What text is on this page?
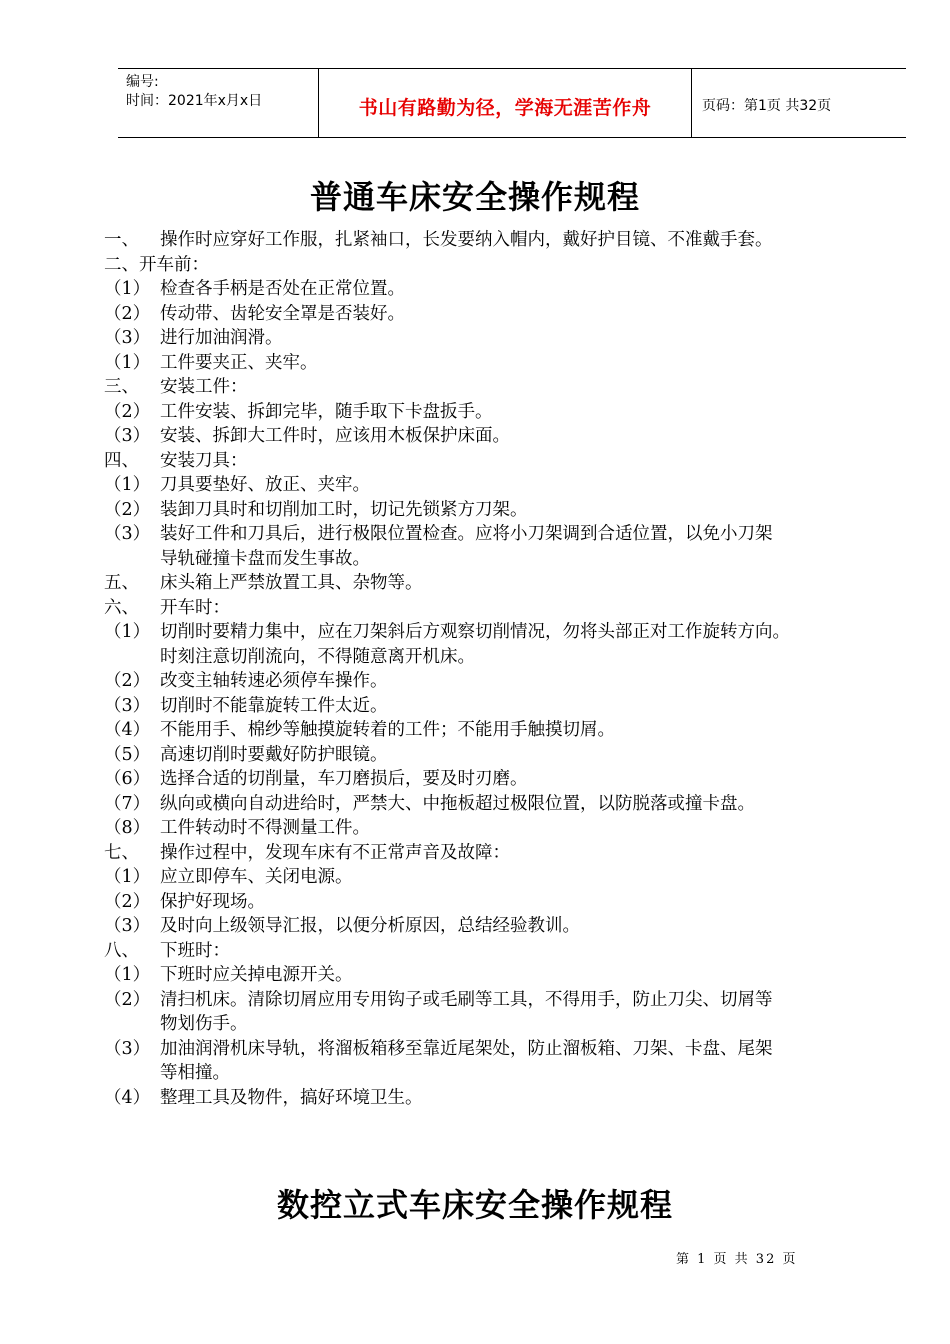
编号:
时间：2021年x月x日	书山有路勤为径，学海无涯苦作舟	页码：第1页 共32页
普通车床安全操作规程
一、 操作时应穿好工作服，扎紧袖口，长发要纳入帽内，戴好护目镜、不准戴手套。
二、开车前：
（1） 检查各手柄是否处在正常位置。
（2） 传动带、齿轮安全罩是否装好。
（3） 进行加油润滑。
（1） 工件要夹正、夹牢。
三、 安装工件：
（2） 工件安装、拆卸完毕，随手取下卡盘扳手。
（3） 安装、拆卸大工件时，应该用木板保护床面。
四、 安装刀具：
（1） 刀具要垫好、放正、夹牢。
（2） 装卸刀具时和切削加工时，切记先锁紧方刀架。
（3） 装好工件和刀具后，进行极限位置检查。应将小刀架调到合适位置，以免小刀架
导轨碰撞卡盘而发生事故。
五、 床头箱上严禁放置工具、杂物等。
六、 开车时：
（1） 切削时要精力集中，应在刀架斜后方观察切削情况，勿将头部正对工作旋转方向。
时刻注意切削流向，不得随意离开机床。
（2） 改变主轴转速必须停车操作。
（3） 切削时不能靠旋转工件太近。
（4） 不能用手、棉纱等触摸旋转着的工件；不能用手触摸切屑。
（5） 高速切削时要戴好防护眼镜。
（6） 选择合适的切削量，车刀磨损后，要及时刃磨。
（7） 纵向或横向自动进给时，严禁大、中拖板超过极限位置，以防脱落或撞卡盘。
（8） 工件转动时不得测量工件。
七、 操作过程中，发现车床有不正常声音及故障：
（1） 应立即停车、关闭电源。
（2） 保护好现场。
（3） 及时向上级领导汇报，以便分析原因，总结经验教训。
八、 下班时：
（1） 下班时应关掉电源开关。
（2） 清扫机床。清除切屑应用专用钩子或毛刷等工具，不得用手，防止刀尖、切屑等
物划伤手。
（3） 加油润滑机床导轨，将溜板箱移至靠近尾架处，防止溜板箱、刀架、卡盘、尾架
等相撞。
（4） 整理工具及物件，搞好环境卫生。
数控立式车床安全操作规程
第 1 页 共 32 页
